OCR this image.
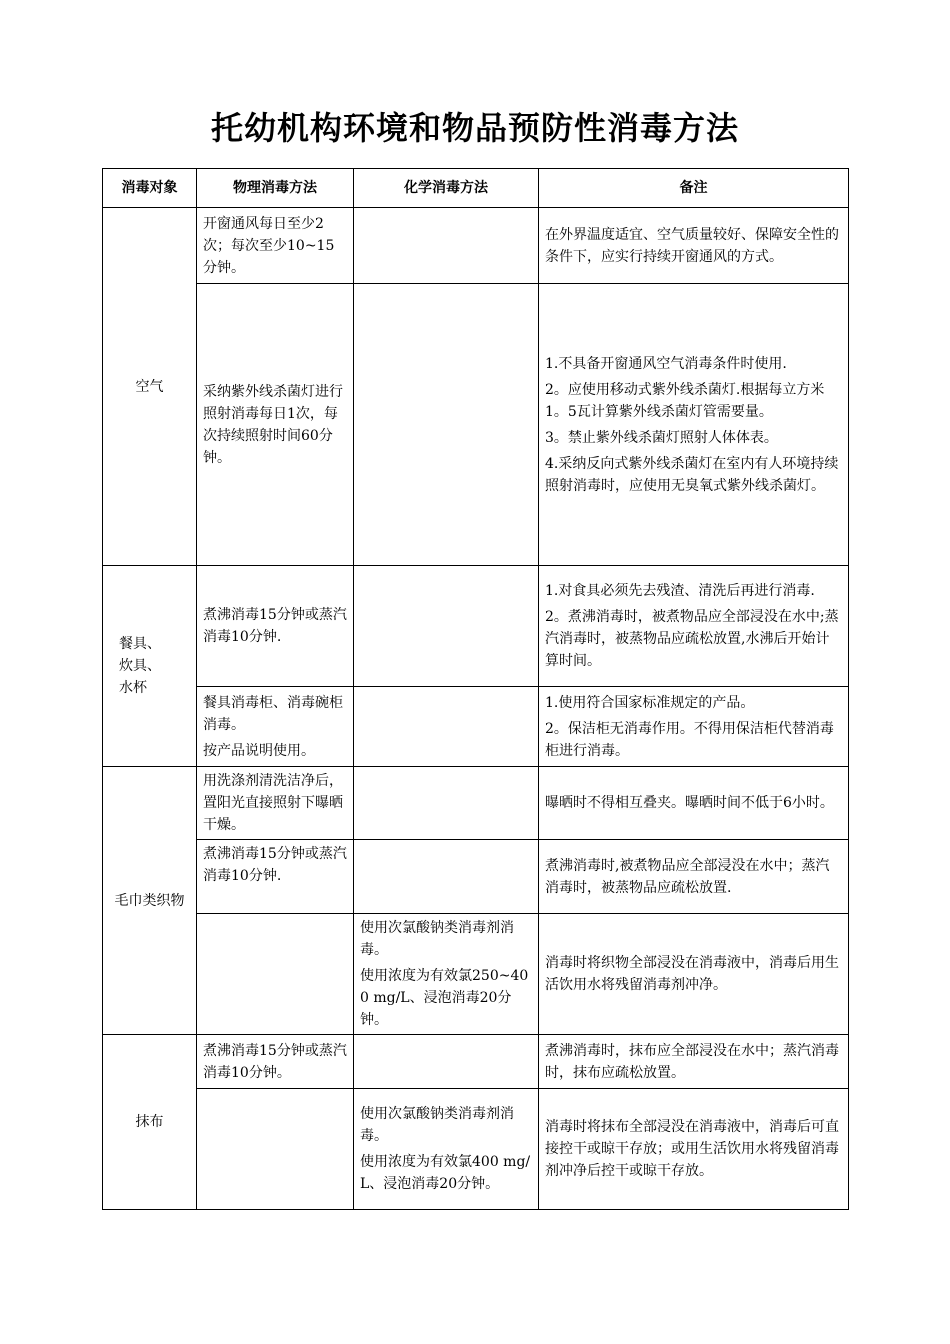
托幼机构环境和物品预防性消毒方法
消毒对象	物理消毒方法	化学消毒方法	备注
空气	开窗通风每日至少2次；每次至少10~15分钟。		在外界温度适宜、空气质量较好、保障安全性的条件下，应实行持续开窗通风的方式。
	采纳紫外线杀菌灯进行照射消毒每日1次，每次持续照射时间60分钟。		1.不具备开窗通风空气消毒条件时使用.
2。应使用移动式紫外线杀菌灯.根据每立方米1。5瓦计算紫外线杀菌灯管需要量。
3。禁止紫外线杀菌灯照射人体体表。
4.采纳反向式紫外线杀菌灯在室内有人环境持续照射消毒时，应使用无臭氧式紫外线杀菌灯。

餐具、
炊具、
水杯	煮沸消毒15分钟或蒸汽消毒10分钟.		1.对食具必须先去残渣、清洗后再进行消毒.
2。煮沸消毒时，被煮物品应全部浸没在水中;蒸汽消毒时，被蒸物品应疏松放置,水沸后开始计算时间。

	餐具消毒柜、消毒碗柜消毒。
按产品说明使用。		1.使用符合国家标准规定的产品。
2。保洁柜无消毒作用。不得用保洁柜代替消毒柜进行消毒。

毛巾类织物	用洗涤剂清洗洁净后，置阳光直接照射下曝晒干燥。		曝晒时不得相互叠夹。曝晒时间不低于6小时。
	煮沸消毒15分钟或蒸汽消毒10分钟.		煮沸消毒时,被煮物品应全部浸没在水中；蒸汽消毒时，被蒸物品应疏松放置.

		使用次氯酸钠类消毒剂消毒。
使用浓度为有效氯250~400 mg/L、浸泡消毒20分钟。	消毒时将织物全部浸没在消毒液中，消毒后用生活饮用水将残留消毒剂冲净。
抹布	煮沸消毒15分钟或蒸汽消毒10分钟。		煮沸消毒时，抹布应全部浸没在水中；蒸汽消毒时，抹布应疏松放置。

		使用次氯酸钠类消毒剂消毒。
使用浓度为有效氯400 mg/L、浸泡消毒20分钟。	消毒时将抹布全部浸没在消毒液中，消毒后可直接控干或晾干存放；或用生活饮用水将残留消毒剂冲净后控干或晾干存放。
